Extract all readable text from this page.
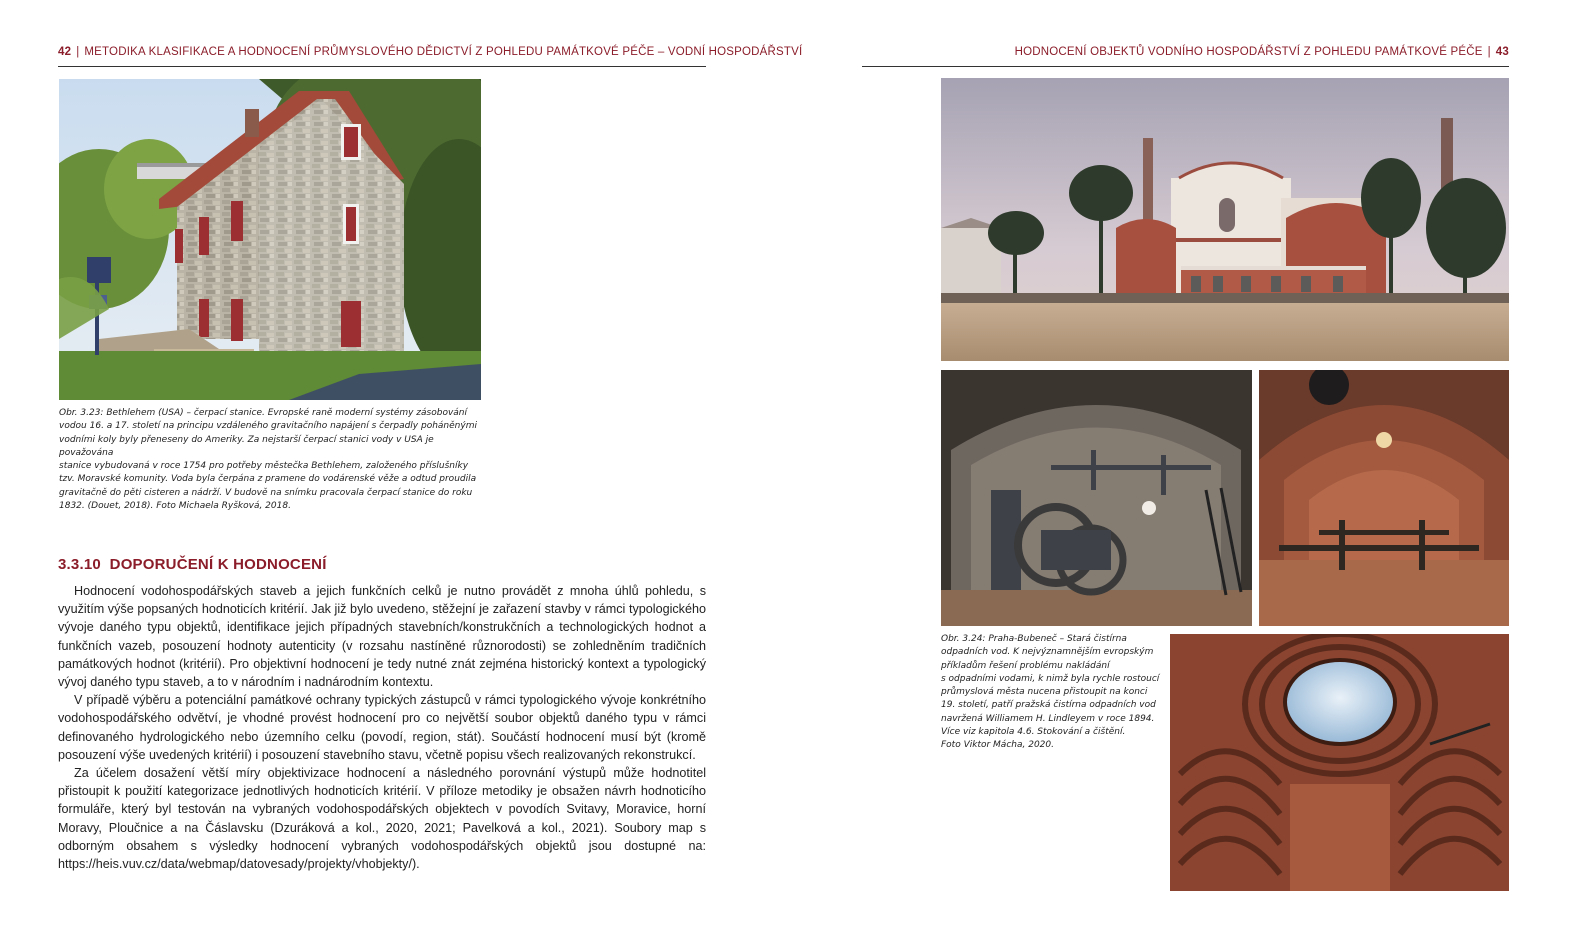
42 | METODIKA KLASIFIKACE A HODNOCENÍ PRŮMYSLOVÉHO DĚDICTVÍ Z POHLEDU PAMÁTKOVÉ PÉČE – VODNÍ HOSPODÁŘSTVÍ	HODNOCENÍ OBJEKTŮ VODNÍHO HOSPODÁŘSTVÍ Z POHLEDU PAMÁTKOVÉ PÉČE | 43
Obr. 3.23: Bethlehem (USA) – čerpací stanice. Evropské raně moderní systémy zásobování
vodou 16. a 17. století na principu vzdáleného gravitačního napájení s čerpadly poháněnými
vodními koly byly přeneseny do Ameriky. Za nejstarší čerpací stanici vody v USA je považována
stanice vybudovaná v roce 1754 pro potřeby městečka Bethlehem, založeného příslušníky
tzv. Moravské komunity. Voda byla čerpána z pramene do vodárenské věže a odtud proudila
gravitačně do pěti cisteren a nádrží. V budově na snímku pracovala čerpací stanice do roku
1832. (Douet, 2018). Foto Michaela Ryšková, 2018.
3.3.10 DOPORUČENÍ K HODNOCENÍ

Hodnocení vodohospodářských staveb a jejich funkčních celků je nutno provádět z mnoha úhlů pohledu, s využitím výše popsaných hodnoticích kritérií. Jak již bylo uvedeno, stěžejní je zařazení stavby v rámci typologického vývoje daného typu objektů, identifikace jejich případných stavebních/konstrukčních a technologických hodnot a funkčních vazeb, posouzení hodnoty autenticity (v rozsahu nastíněné různorodosti) se zohledněním tradičních památkových hodnot (kritérií). Pro objektivní hodnocení je tedy nutné znát zejména historický kontext a typologický vývoj daného typu staveb, a to v národním i nadnárodním kontextu.

V případě výběru a potenciální památkové ochrany typických zástupců v rámci typologického vývoje konkrétního vodohospodářského odvětví, je vhodné provést hodnocení pro co největší soubor objektů daného typu v rámci definovaného hydrologického nebo územního celku (povodí, region, stát). Součástí hodnocení musí být (kromě posouzení výše uvedených kritérií) i posouzení stavebního stavu, včetně popisu všech realizovaných rekonstrukcí.

Za účelem dosažení větší míry objektivizace hodnocení a následného porovnání výstupů může hodnotitel přistoupit k použití kategorizace jednotlivých hodnoticích kritérií. V příloze metodiky je obsažen návrh hodnoticího formuláře, který byl testován na vybraných vodohospodářských objektech v povodích Svitavy, Moravice, horní Moravy, Ploučnice a na Čáslavsku (Dzuráková a kol., 2020, 2021; Pavelková a kol., 2021). Soubory map s odborným obsahem s výsledky hodnocení vybraných vodohospodářských objektů jsou dostupné na: https://heis.vuv.cz/data/webmap/datovesady/projekty/vhobjekty/).

Obr. 3.24: Praha-Bubeneč – Stará čistírna
odpadních vod. K nejvýznamnějším evropským
příkladům řešení problému nakládání
s odpadními vodami, k nimž byla rychle rostoucí
průmyslová města nucena přistoupit na konci
19. století, patří pražská čistírna odpadních vod
navržená Williamem H. Lindleyem v roce 1894.
Více viz kapitola 4.6. Stokování a čištění.
Foto Viktor Mácha, 2020.
